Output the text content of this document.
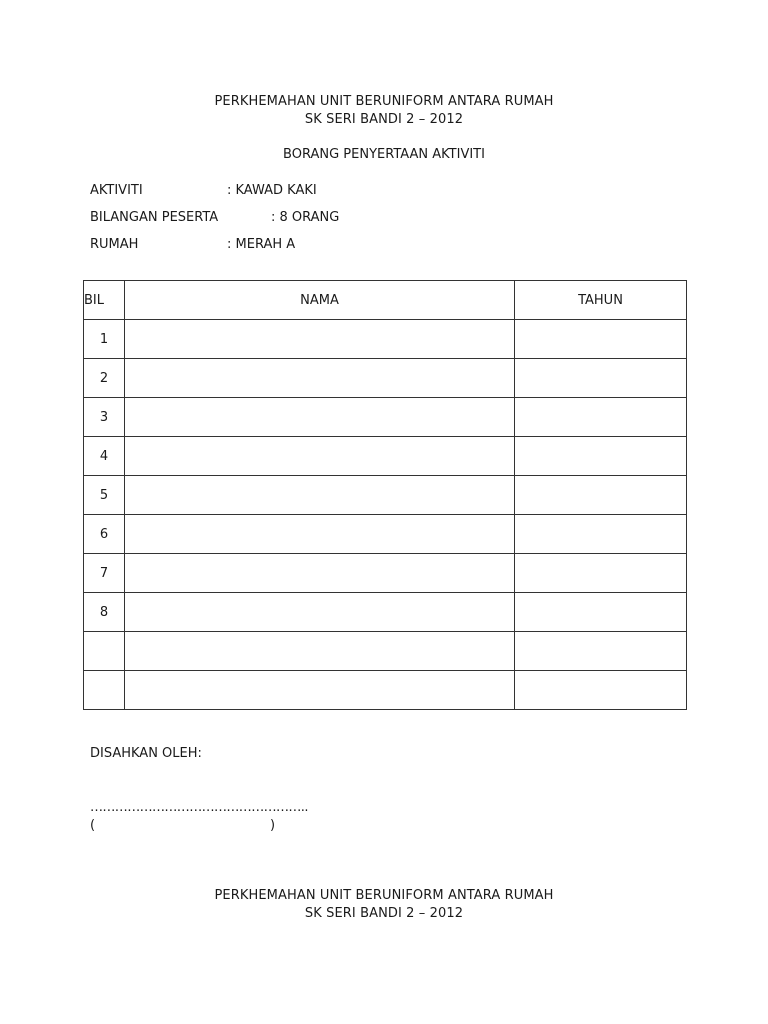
PERKHEMAHAN UNIT BERUNIFORM ANTARA RUMAH
SK SERI BANDI 2 – 2012
BORANG PENYERTAAN AKTIVITI
AKTIVITI	: KAWAD KAKI
BILANGAN PESERTA	: 8 ORANG
RUMAH	: MERAH A
BIL	NAMA	TAHUN
1		
2		
3		
4		
5		
6		
7		
8		

DISAHKAN OLEH:
……………………………………………..
(	)
PERKHEMAHAN UNIT BERUNIFORM ANTARA RUMAH
SK SERI BANDI 2 – 2012
